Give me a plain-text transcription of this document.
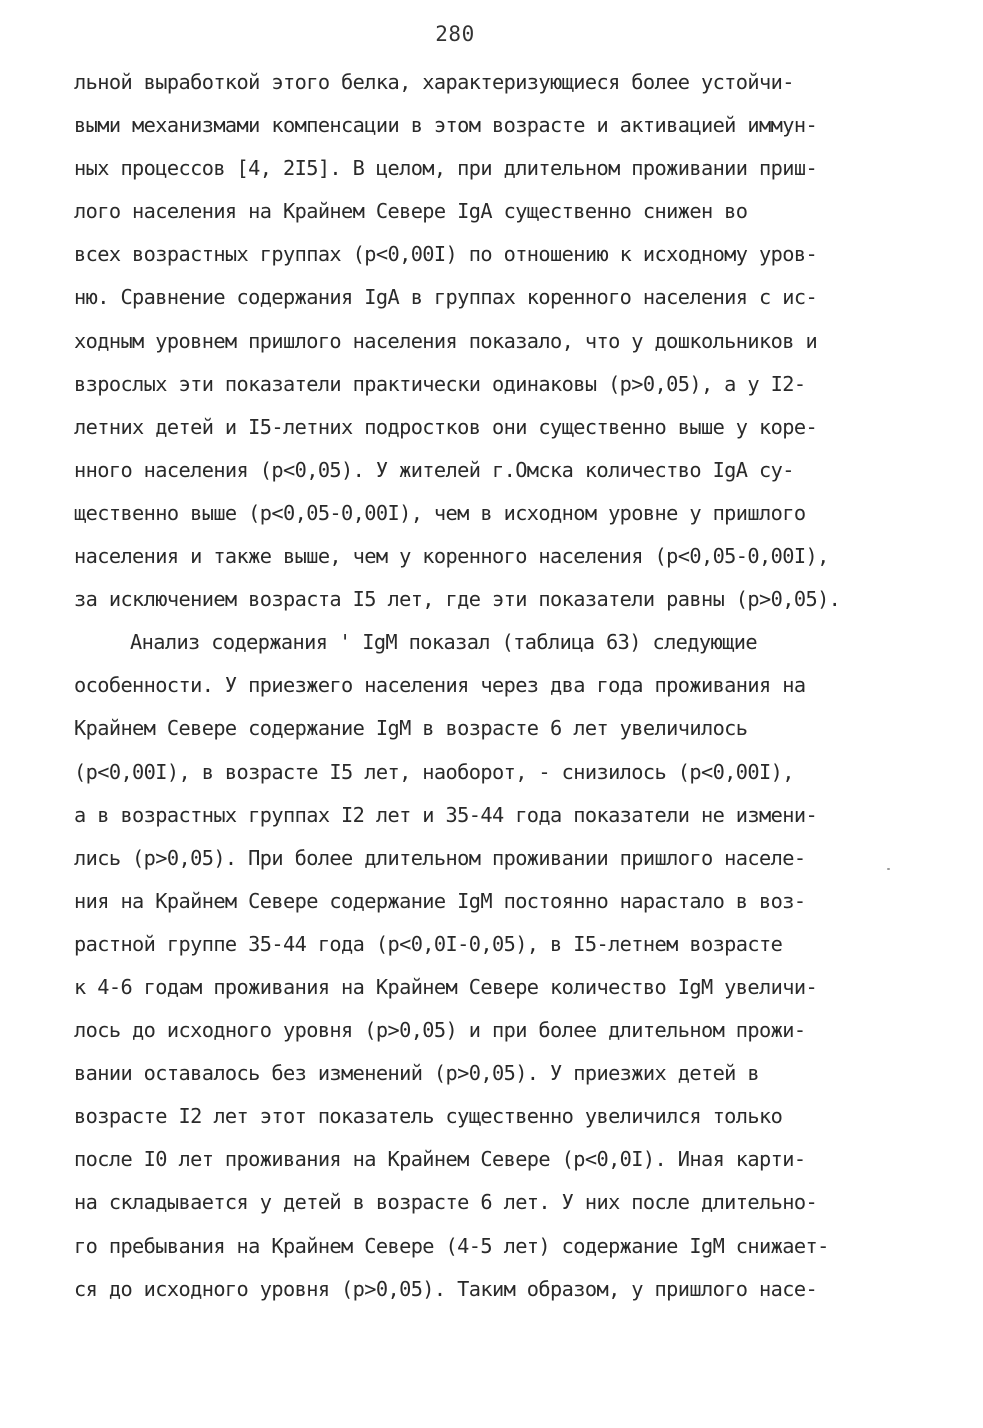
280
льной выработкой этого белка, характеризующиеся более устойчи-
выми механизмами компенсации в этом возрасте и активацией иммун-
ных процессов [4, 2I5]. В целом, при длительном проживании приш-
лого населения на Крайнем Севере IgA существенно снижен во
всех возрастных группах (p<0,00I) по отношению к исходному уров-
ню. Сравнение содержания IgA в группах коренного населения с ис-
ходным уровнем пришлого населения показало, что у дошкольников и
взрослых эти показатели практически одинаковы (p>0,05), а у I2-
летних детей и I5-летних подростков они существенно выше у коре-
нного населения (p<0,05). У жителей г.Омска количество IgA су-
щественно выше (p<0,05-0,00I), чем в исходном уровне у пришлого
населения и также выше, чем у коренного населения (p<0,05-0,00I),
за исключением возраста I5 лет, где эти показатели равны (p>0,05).
Анализ содержания ' IgM показал (таблица 63) следующие
особенности. У приезжего населения через два года проживания на
Крайнем Севере содержание IgM в возрасте 6 лет увеличилось
(p<0,00I), в возрасте I5 лет, наоборот, - снизилось (p<0,00I),
а в возрастных группах I2 лет и 35-44 года показатели не измени-
лись (p>0,05). При более длительном проживании пришлого населе-
ния на Крайнем Севере содержание IgM постоянно нарастало в воз-
растной группе 35-44 года (p<0,0I-0,05), в I5-летнем возрасте
к 4-6 годам проживания на Крайнем Севере количество IgM увеличи-
лось до исходного уровня (p>0,05) и при более длительном прожи-
вании оставалось без изменений (p>0,05). У приезжих детей в
возрасте I2 лет этот показатель существенно увеличился только
после I0 лет проживания на Крайнем Севере (p<0,0I). Иная карти-
на складывается у детей в возрасте 6 лет. У них после длительно-
го пребывания на Крайнем Севере (4-5 лет) содержание IgM снижает-
ся до исходного уровня (p>0,05). Таким образом, у пришлого насе-
